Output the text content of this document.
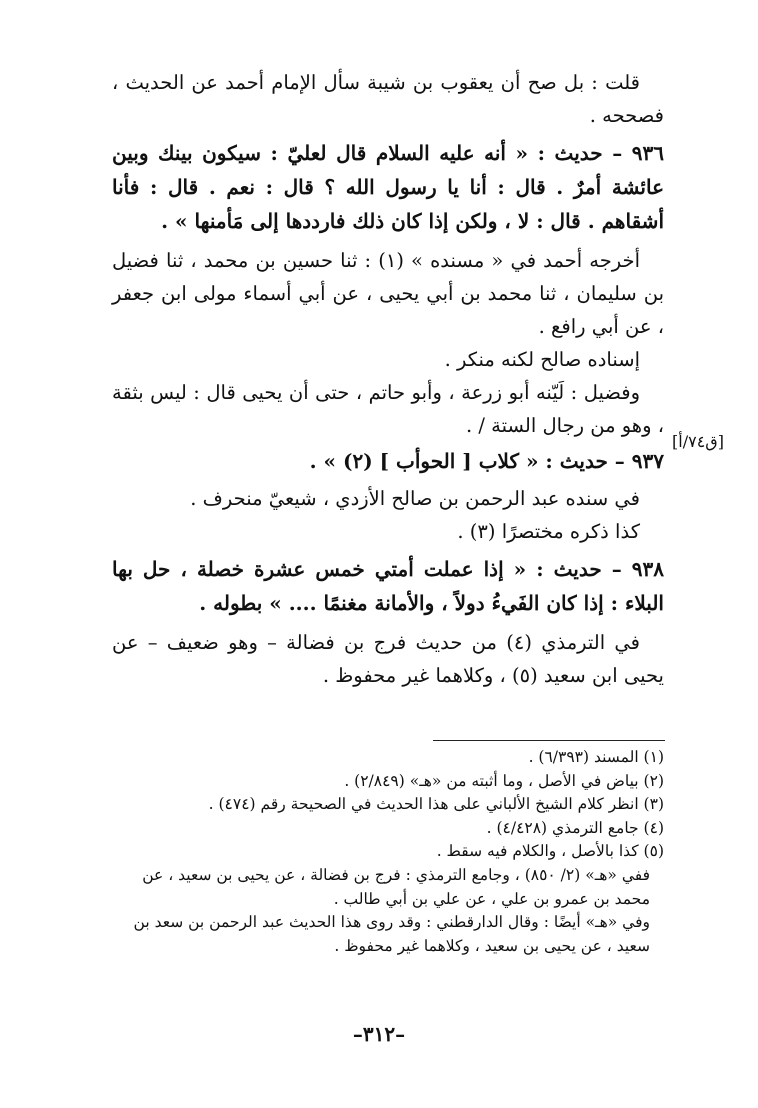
قلت : بل صح أن يعقوب بن شيبة سأل الإمام أحمد عن الحديث ، فصححه .

٩٣٦ – حديث : « أنه عليه السلام قال لعليّ : سيكون بينك وبين عائشة أمرٌ . قال : أنا يا رسول الله ؟ قال : نعم . قال : فأنا أشقاهم . قال : لا ، ولكن إذا كان ذلك فارددها إلى مَأمنها » .

أخرجه أحمد في « مسنده » (١) : ثنا حسين بن محمد ، ثنا فضيل بن سليمان ، ثنا محمد بن أبي يحيى ، عن أبي أسماء مولى ابن جعفر ، عن أبي رافع .

إسناده صالح لكنه منكر .

وفضيل : لَيّنه أبو زرعة ، وأبو حاتم ، حتى أن يحيى قال : ليس بثقة ، وهو من رجال الستة / .

٩٣٧ – حديث : « كلاب [ الحوأب ] (٢) » .

في سنده عبد الرحمن بن صالح الأزدي ، شيعيّ منحرف .

كذا ذكره مختصرًا (٣) .

٩٣٨ – حديث : « إذا عملت أمتي خمس عشرة خصلة ، حل بها البلاء : إذا كان الفَيءُ دولاً ، والأمانة مغنمًا .... » بطوله .

في الترمذي (٤) من حديث فرج بن فضالة – وهو ضعيف – عن يحيى ابن سعيد (٥) ، وكلاهما غير محفوظ .

[ق٧٤/أ]

(١) المسند (٦/٣٩٣) .

(٢) بياض في الأصل ، وما أثبته من «هـ» (٢/٨٤٩) .

(٣) انظر كلام الشيخ الألباني على هذا الحديث في الصحيحة رقم (٤٧٤) .

(٤) جامع الترمذي (٤/٤٢٨) .

(٥) كذا بالأصل ، والكلام فيه سقط .

ففي «هـ» (٢/ ٨٥٠) ، وجامع الترمذي : فرج بن فضالة ، عن يحيى بن سعيد ، عن محمد بن عمرو بن علي ، عن علي بن أبي طالب .

وفي «هـ» أيضًا : وقال الدارقطني : وقد روى هذا الحديث عبد الرحمن بن سعد بن سعيد ، عن يحيى بن سعيد ، وكلاهما غير محفوظ .

–٣١٢–
